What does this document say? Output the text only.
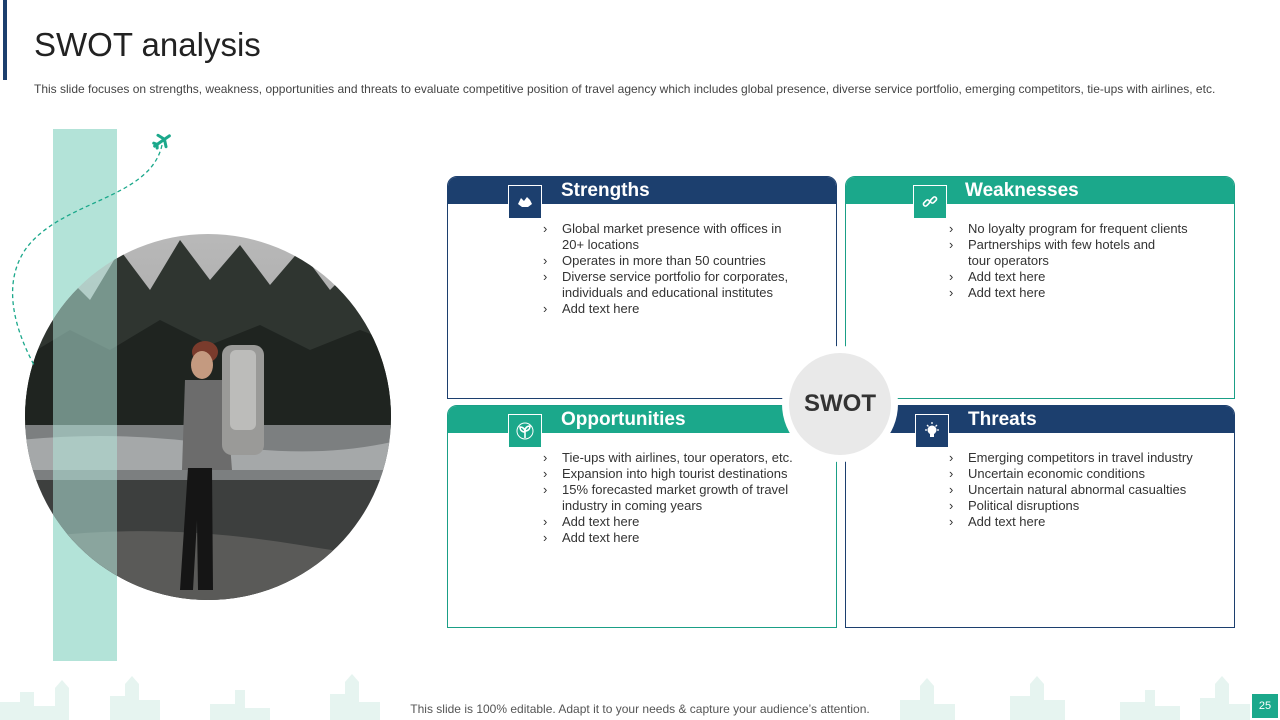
SWOT analysis

This slide focuses on strengths, weakness, opportunities and threats to evaluate competitive position of travel agency which includes global presence, diverse service portfolio, emerging competitors, tie-ups with airlines, etc.

Strengths
› Global market presence with offices in 20+ locations
› Operates in more than 50 countries
› Diverse service portfolio for corporates, individuals and educational institutes
› Add text here
Weaknesses
› No loyalty program for frequent clients
› Partnerships with few hotels and tour operators
› Add text here
› Add text here
Opportunities
› Tie-ups with airlines, tour operators, etc.
› Expansion into high tourist destinations
› 15% forecasted market growth of travel industry in coming years
› Add text here
› Add text here
Threats
› Emerging competitors in travel industry
› Uncertain economic conditions
› Uncertain natural abnormal casualties
› Political disruptions
› Add text here
SWOT
This slide is 100% editable. Adapt it to your needs & capture your audience’s attention.	25
